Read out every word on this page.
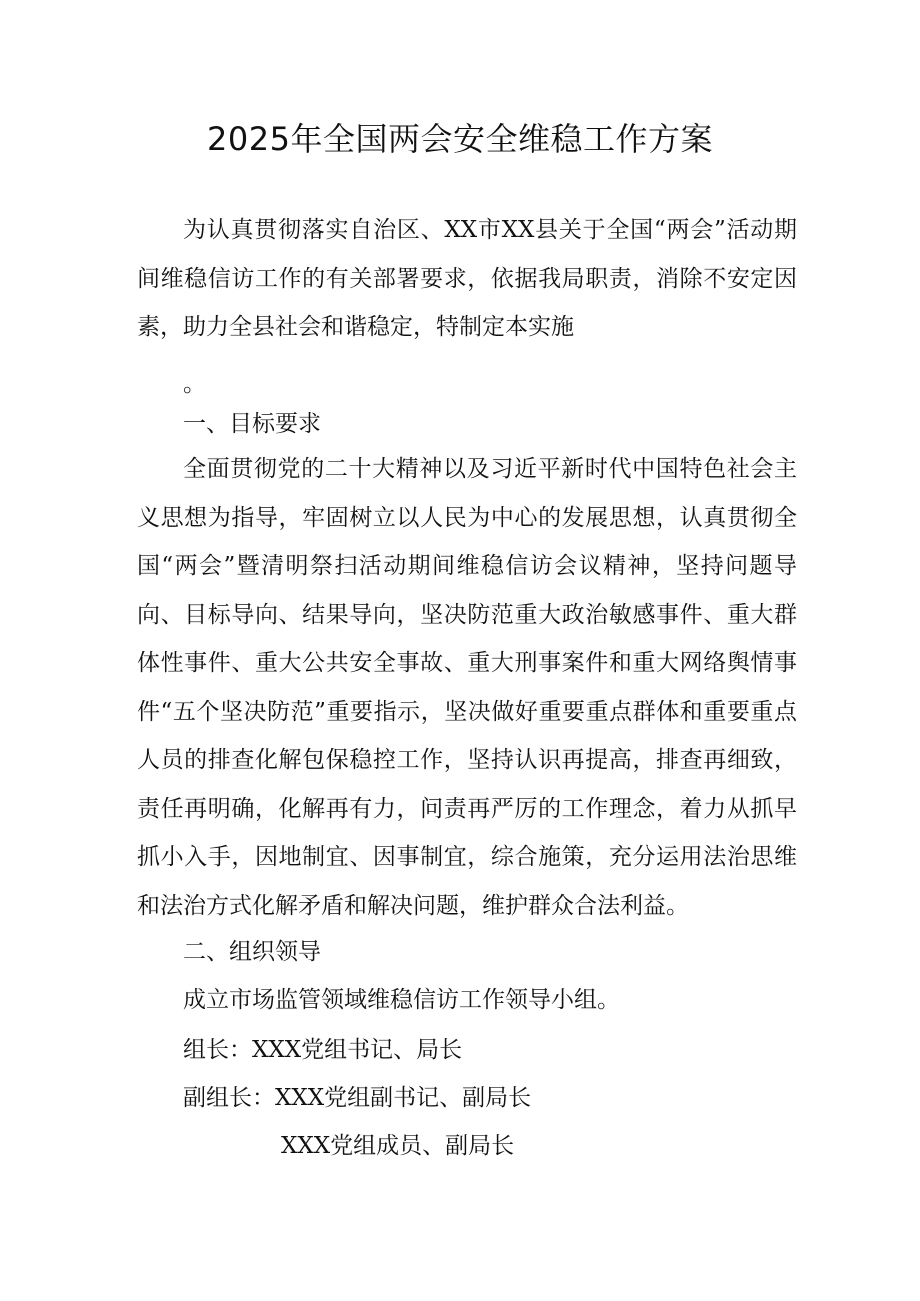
2025年全国两会安全维稳工作方案
为认真贯彻落实自治区、XX市XX县关于全国“两会”活动期间维稳信访工作的有关部署要求，依据我局职责，消除不安定因素，助力全县社会和谐稳定，特制定本实施
。
一、目标要求
全面贯彻党的二十大精神以及习近平新时代中国特色社会主义思想为指导，牢固树立以人民为中心的发展思想，认真贯彻全国“两会”暨清明祭扫活动期间维稳信访会议精神，坚持问题导向、目标导向、结果导向，坚决防范重大政治敏感事件、重大群体性事件、重大公共安全事故、重大刑事案件和重大网络舆情事件“五个坚决防范”重要指示，坚决做好重要重点群体和重要重点人员的排查化解包保稳控工作，坚持认识再提高，排查再细致，责任再明确，化解再有力，问责再严厉的工作理念，着力从抓早抓小入手，因地制宜、因事制宜，综合施策，充分运用法治思维和法治方式化解矛盾和解决问题，维护群众合法利益。
二、组织领导
成立市场监管领域维稳信访工作领导小组。
组长：XXX党组书记、局长
副组长：XXX党组副书记、副局长
XXX党组成员、副局长
